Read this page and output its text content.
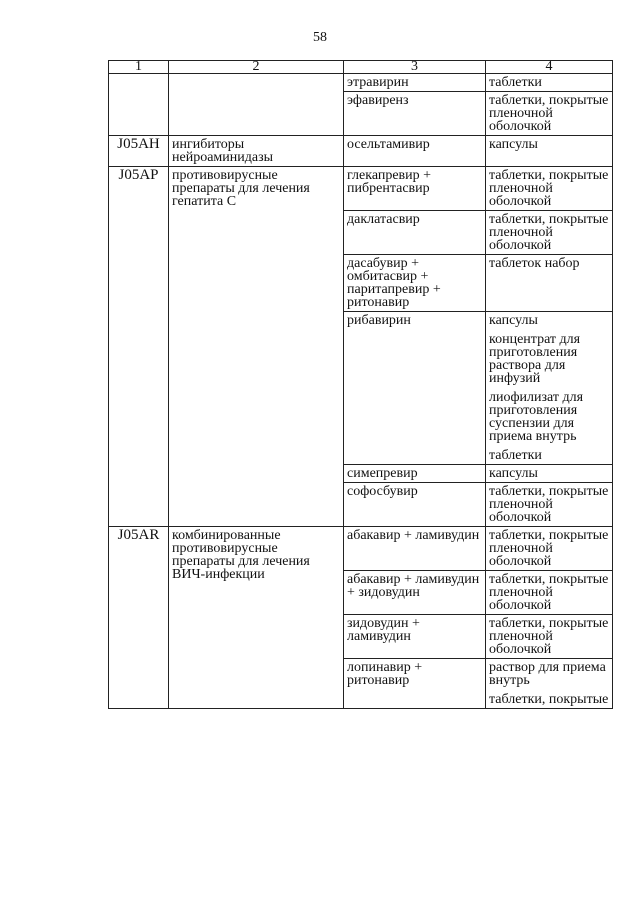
58
1	2	3	4
		этравирин	таблетки
		эфавиренз	таблетки, покрытые пленочной оболочкой
J05AH	ингибиторы нейроаминидазы	осельтамивир	капсулы
J05AP	противовирусные препараты для лечения гепатита С	глекапревир + пибрентасвир	таблетки, покрытые пленочной оболочкой
		даклатасвир	таблетки, покрытые пленочной оболочкой
		дасабувир + омбитасвир + паритапревир + ритонавир	таблеток набор
		рибавирин	капсулы
концентрат для приготовления раствора для инфузий
лиофилизат для приготовления суспензии для приема внутрь
таблетки

		симепревир	капсулы
		софосбувир	таблетки, покрытые пленочной оболочкой
J05AR	комбинированные противовирусные препараты для лечения ВИЧ-инфекции	абакавир + ламивудин	таблетки, покрытые пленочной оболочкой
		абакавир + ламивудин + зидовудин	таблетки, покрытые пленочной оболочкой
		зидовудин + ламивудин	таблетки, покрытые пленочной оболочкой
		лопинавир + ритонавир	раствор для приема внутрь
таблетки, покрытые
